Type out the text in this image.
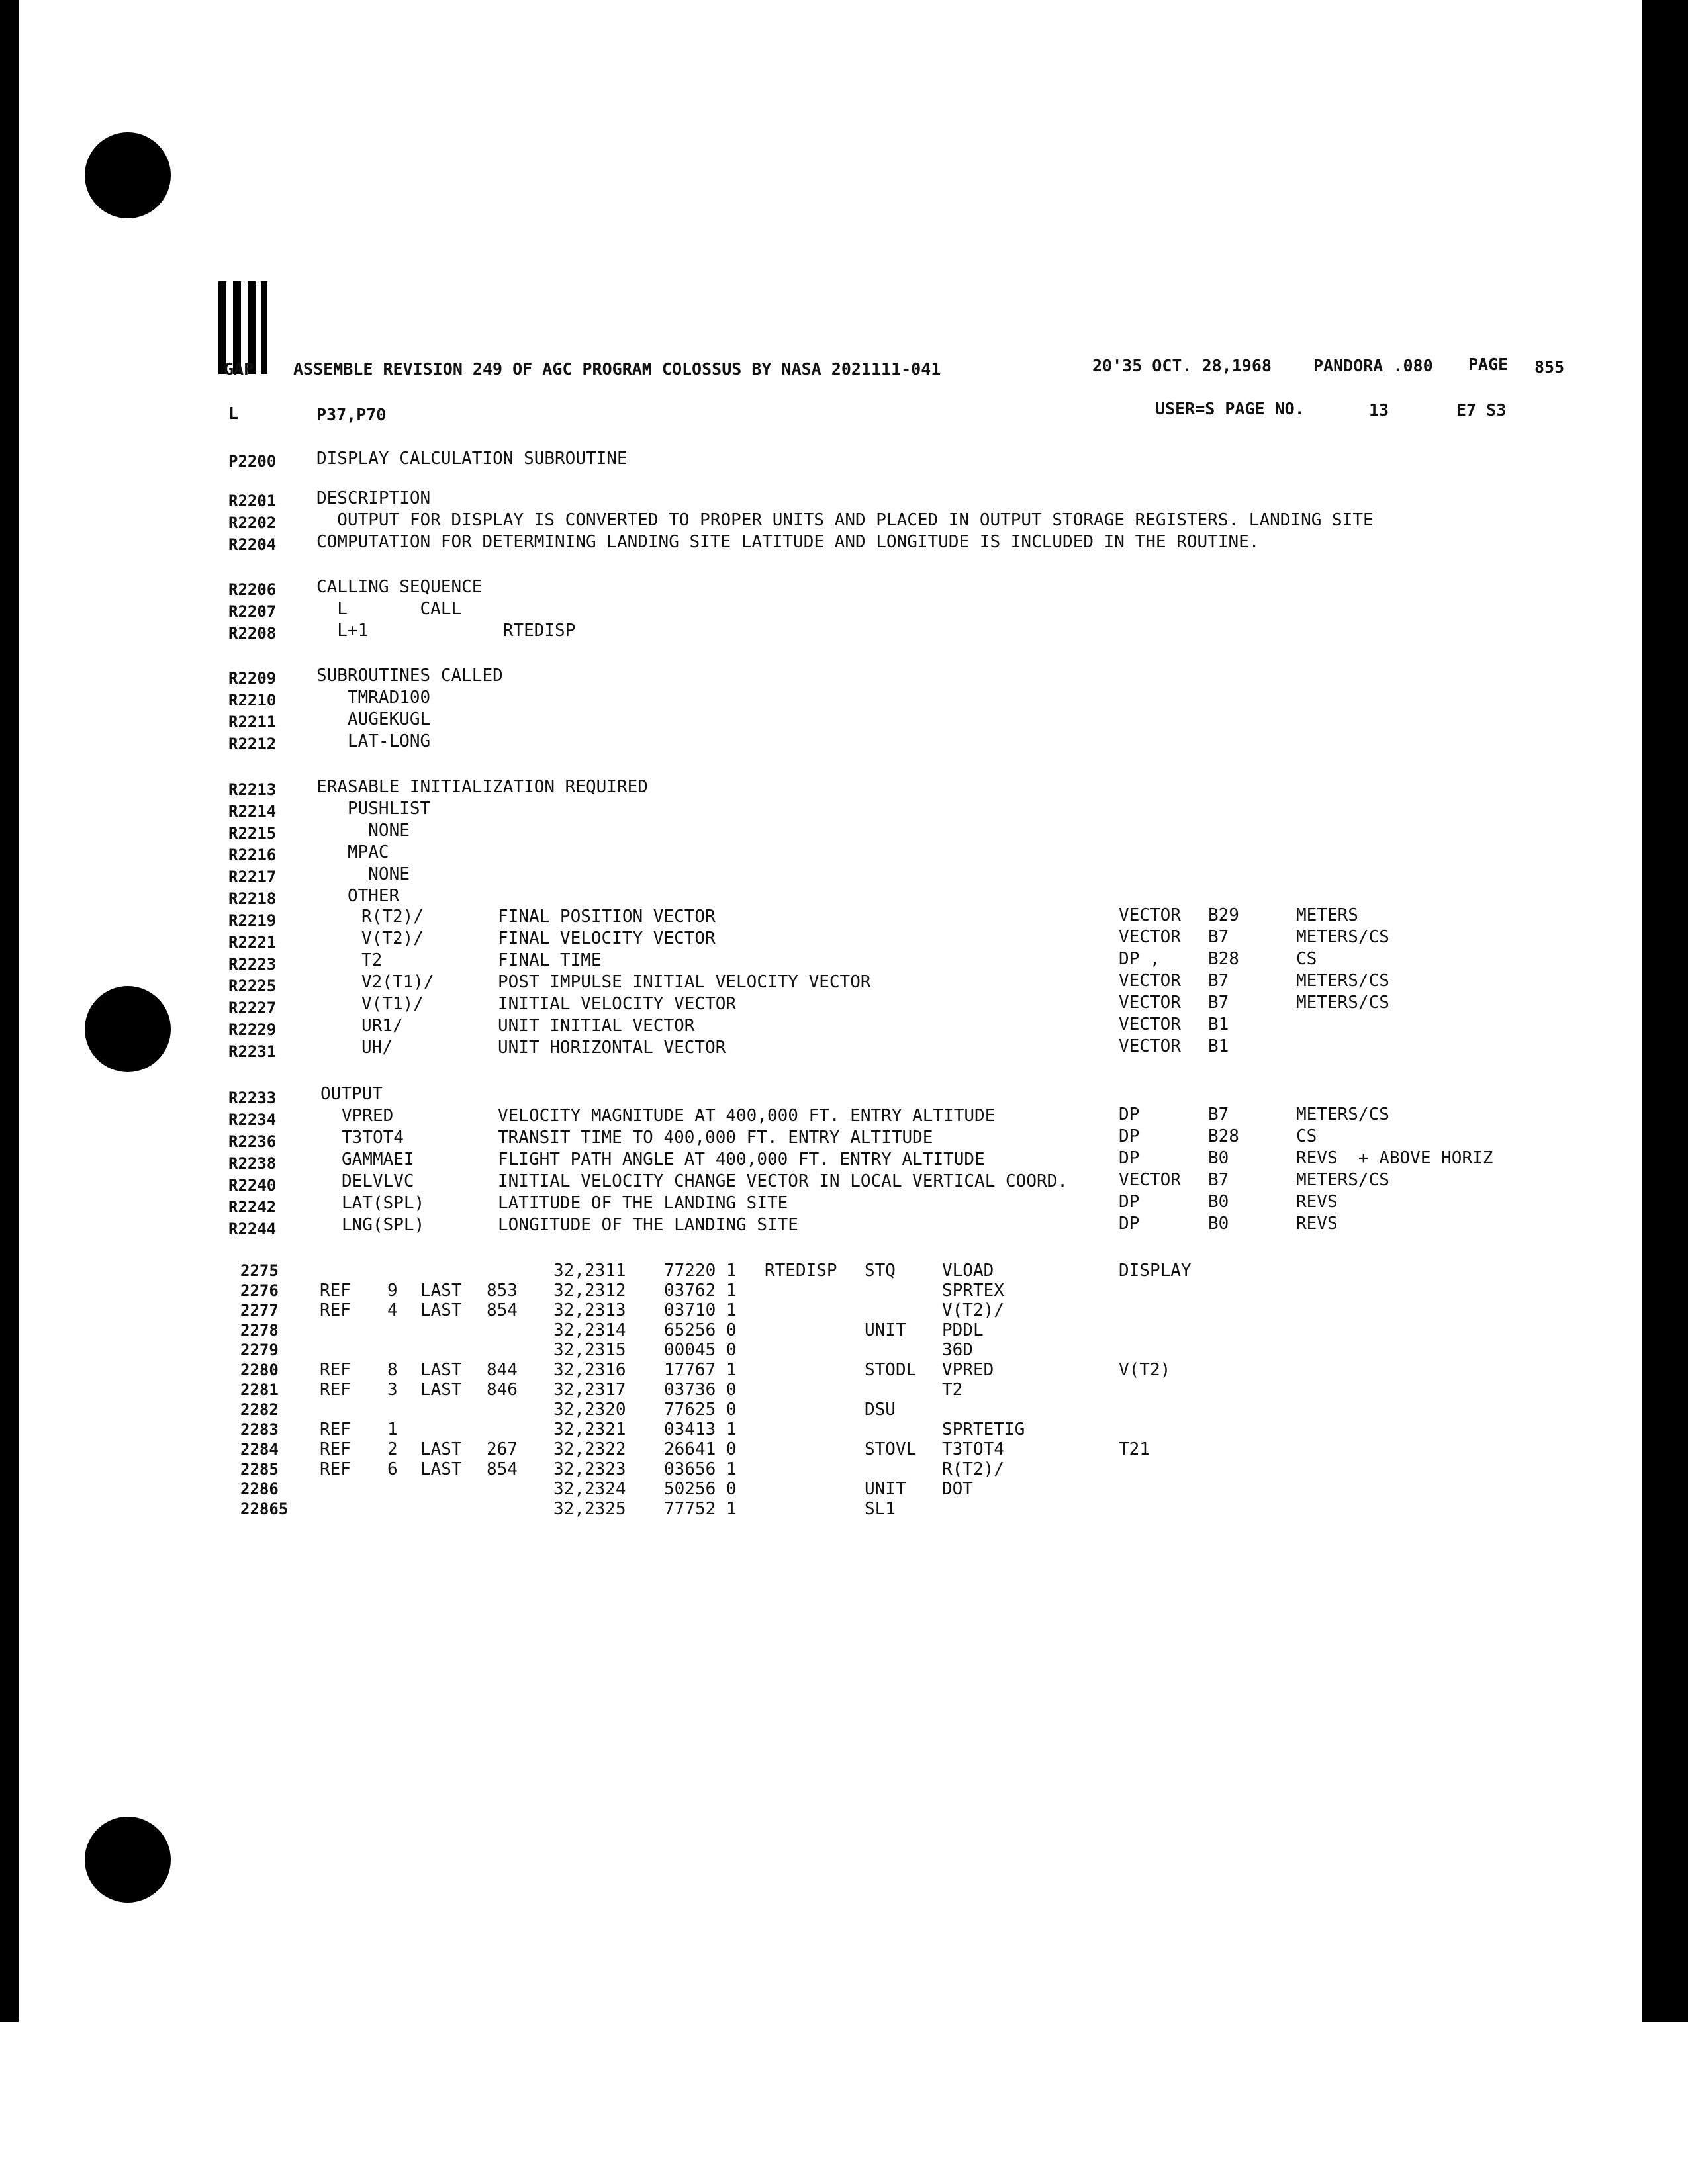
GAP ASSEMBLE REVISION 249 OF AGC PROGRAM COLOSSUS BY NASA 2021111-041	20'35 OCT. 28,1968	PANDORA .080 PAGE 855
L	P37,P70	USER=S PAGE NO.	13	E7 S3
P2200 DISPLAY CALCULATION SUBROUTINE
R2201 DESCRIPTION
R2202 OUTPUT FOR DISPLAY IS CONVERTED TO PROPER UNITS AND PLACED IN OUTPUT STORAGE REGISTERS. LANDING SITE
R2204 COMPUTATION FOR DETERMINING LANDING SITE LATITUDE AND LONGITUDE IS INCLUDED IN THE ROUTINE.
R2206 CALLING SEQUENCE
R2207 L       CALL
R2208 L+1             RTEDISP
R2209 SUBROUTINES CALLED
R2210 TMRAD100
R2211 AUGEKUGL
R2212 LAT-LONG
R2213 ERASABLE INITIALIZATION REQUIRED
R2214 PUSHLIST
R2215 NONE
R2216 MPAC
R2217 NONE
R2218 OTHER
R2219	R(T2)/	FINAL POSITION VECTOR	VECTOR B29	METERS
R2221	V(T2)/	FINAL VELOCITY VECTOR	VECTOR B7	METERS/CS
R2223	T2	FINAL TIME	DP ,	B28	CS
R2225	V2(T1)/	POST IMPULSE INITIAL VELOCITY VECTOR	VECTOR B7	METERS/CS
R2227	V(T1)/	INITIAL VELOCITY VECTOR	VECTOR B7	METERS/CS
R2229	UR1/	UNIT INITIAL VECTOR	VECTOR B1
R2231	UH/	UNIT HORIZONTAL VECTOR	VECTOR B1
R2233	OUTPUT
R2234	VPRED	VELOCITY MAGNITUDE AT 400,000 FT. ENTRY ALTITUDE	DP	B7	METERS/CS
R2236	T3TOT4	TRANSIT TIME TO 400,000 FT. ENTRY ALTITUDE	DP	B28	CS
R2238	GAMMAEI	FLIGHT PATH ANGLE AT 400,000 FT. ENTRY ALTITUDE	DP	B0	REVS  + ABOVE HORIZ
R2240	DELVLVC	INITIAL VELOCITY CHANGE VECTOR IN LOCAL VERTICAL COORD.	VECTOR B7	METERS/CS
R2242	LAT(SPL)	LATITUDE OF THE LANDING SITE	DP	B0	REVS
R2244	LNG(SPL)	LONGITUDE OF THE LANDING SITE	DP	B0	REVS
2275	32,2311 77220 1 RTEDISP STQ	VLOAD	DISPLAY
2276 REF 9 LAST 853 32,2312 03762 1	SPRTEX
2277 REF 4 LAST 854 32,2313 03710 1	V(T2)/
2278	32,2314 65256 0	UNIT PDDL
2279	32,2315 00045 0	36D
2280 REF 8 LAST 844 32,2316 17767 1	STODL VPRED	V(T2)
2281 REF 3 LAST 846 32,2317 03736 0	T2
2282	32,2320 77625 0	DSU
2283 REF 1	32,2321 03413 1	SPRTETIG
2284 REF 2 LAST 267 32,2322 26641 0	STOVL T3TOT4	T21
2285 REF 6 LAST 854 32,2323 03656 1	R(T2)/
2286	32,2324 50256 0	UNIT DOT
22865	32,2325 77752 1	SL1
